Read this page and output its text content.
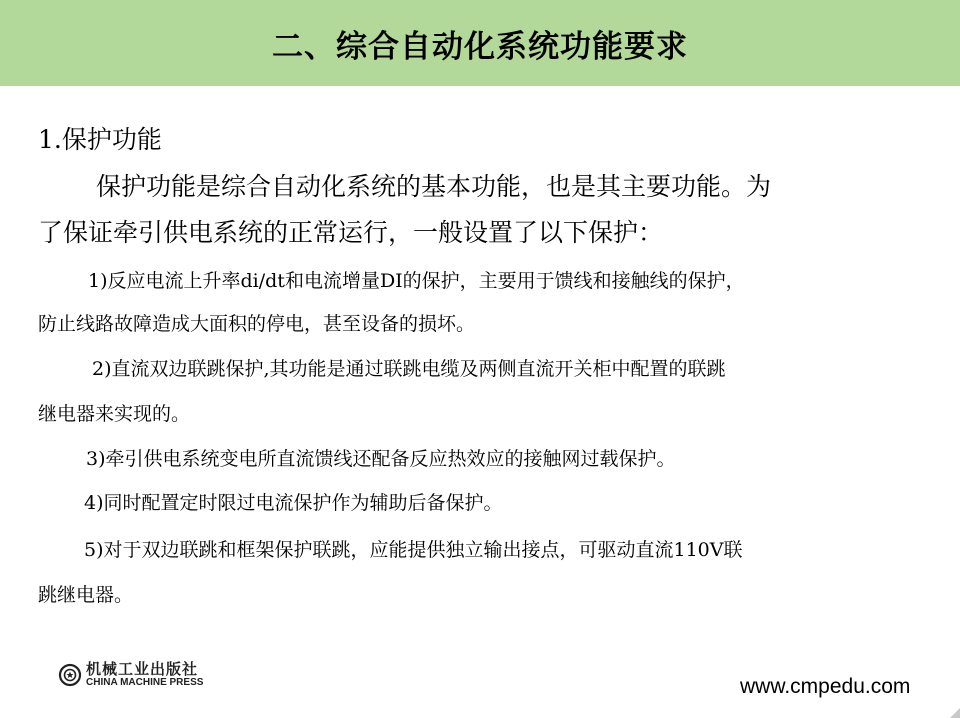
二、综合自动化系统功能要求
1.保护功能
保护功能是综合自动化系统的基本功能，也是其主要功能。为
了保证牵引供电系统的正常运行，一般设置了以下保护：
1)反应电流上升率di/dt和电流增量DI的保护，主要用于馈线和接触线的保护，
防止线路故障造成大面积的停电，甚至设备的损坏。
2)直流双边联跳保护,其功能是通过联跳电缆及两侧直流开关柜中配置的联跳
继电器来实现的。
3)牵引供电系统变电所直流馈线还配备反应热效应的接触网过载保护。
4)同时配置定时限过电流保护作为辅助后备保护。
5)对于双边联跳和框架保护联跳，应能提供独立输出接点，可驱动直流110V联
跳继电器。
机械工业出版社
CHINA MACHINE PRESS	www.cmpedu.com
